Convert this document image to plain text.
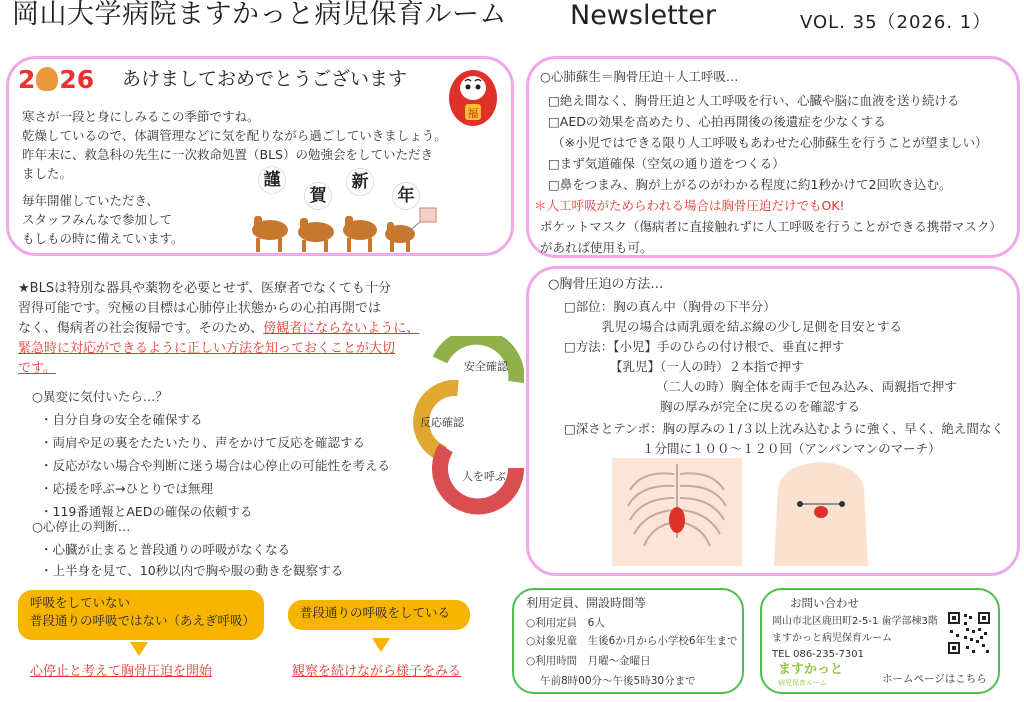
岡山大学病院ますかっと病児保育ルーム Newsletter	VOL. 35（2026. 1）
2 26 あけましておめでとうございます
福
寒さが一段と身にしみるこの季節ですね。
乾燥しているので、体調管理などに気を配りながら過ごしていきましょう。
昨年末に、救急科の先生に一次救命処置（BLS）の勉強会をしていただき
ました。
毎年開催していただき、
スタッフみんなで参加して
もしもの時に備えています。
謹
賀
新
年
○心肺蘇生＝胸骨圧迫＋人工呼吸…
□絶え間なく、胸骨圧迫と人工呼吸を行い、心臓や脳に血液を送り続ける
□AEDの効果を高めたり、心拍再開後の後遺症を少なくする
（※小児ではできる限り人工呼吸もあわせた心肺蘇生を行うことが望ましい）
□まず気道確保（空気の通り道をつくる）
□鼻をつまみ、胸が上がるのがわかる程度に約1秒かけて2回吹き込む。
＊人工呼吸がためらわれる場合は胸骨圧迫だけでもOK!
ポケットマスク（傷病者に直接触れずに人工呼吸を行うことができる携帯マスク）
があれば使用も可。
★BLSは特別な器具や薬物を必要とせず、医療者でなくても十分
習得可能です。究極の目標は心肺停止状態からの心拍再開では
なく、傷病者の社会復帰です。そのため、傍観者にならないように、
緊急時に対応ができるように正しい方法を知っておくことが大切
です。
○異変に気付いたら…？
・自分自身の安全を確保する
・両肩や足の裏をたたいたり、声をかけて反応を確認する
・反応がない場合や判断に迷う場合は心停止の可能性を考える
・応援を呼ぶ→ひとりでは無理
・119番通報とAEDの確保の依頼する
○心停止の判断…
・心臓が止まると普段通りの呼吸がなくなる
・上半身を見て、10秒以内で胸や服の動きを観察する
安全確認
反応確認
人を呼ぶ
呼吸をしていない
普段通りの呼吸ではない（あえぎ呼吸）
心停止と考えて胸骨圧迫を開始
普段通りの呼吸をしている
観察を続けながら様子をみる
○胸骨圧迫の方法…
□部位：胸の真ん中（胸骨の下半分）
乳児の場合は両乳頭を結ぶ線の少し足側を目安とする
□方法：【小児】手のひらの付け根で、垂直に押す
【乳児】（一人の時）２本指で押す
（二人の時）胸全体を両手で包み込み、両親指で押す
胸の厚みが完全に戻るのを確認する
□深さとテンポ：胸の厚みの１/３以上沈み込むように強く、早く、絶え間なく
１分間に１００～１２０回（アンパンマンのマーチ）
利用定員、開設時間等
○利用定員　6人
○対象児童　生後6か月から小学校6年生まで
○利用時間　月曜～金曜日
午前8時00分～午後5時30分まで
お問い合わせ
岡山市北区鹿田町2-5-1 歯学部棟3階
ますかっと病児保育ルーム
TEL 086-235-7301
ますかっと
病児保育ルーム	ホームページはこちら
